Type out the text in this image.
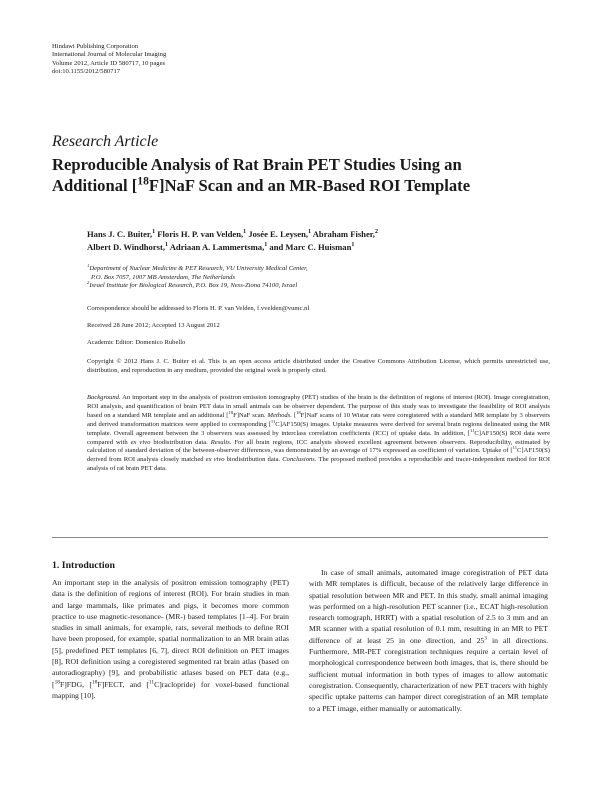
Hindawi Publishing Corporation
International Journal of Molecular Imaging
Volume 2012, Article ID 580717, 10 pages
doi:10.1155/2012/580717
Research Article
Reproducible Analysis of Rat Brain PET Studies Using an
Additional [$^{18}$F]NaF Scan and an MR-Based ROI Template
Hans J. C. Buiter,$^1$ Floris H. P. van Velden,$^1$ Josée E. Leysen,$^1$ Abraham Fisher,$^2$
Albert D. Windhorst,$^1$ Adriaan A. Lammertsma,$^1$ and Marc C. Huisman$^1$
$^1$Department of Nuclear Medicine & PET Research, VU University Medical Center,
P.O. Box 7057, 1007 MB Amsterdam, The Netherlands
$^2$Israel Institute for Biological Research, P.O. Box 19, Ness-Ziona 74100, Israel
Correspondence should be addressed to Floris H. P. van Velden, f.vvelden@vumc.nl
Received 28 June 2012; Accepted 13 August 2012
Academic Editor: Domenico Rubello
Copyright © 2012 Hans J. C. Buiter et al. This is an open access article distributed under the Creative Commons Attribution License, which permits unrestricted use, distribution, and reproduction in any medium, provided the original work is properly cited.
Background. An important step in the analysis of positron emission tomography (PET) studies of the brain is the definition of regions of interest (ROI). Image coregistration, ROI analysis, and quantification of brain PET data in small animals can be observer dependent. The purpose of this study was to investigate the feasibility of ROI analysis based on a standard MR template and an additional [$^{18}$F]NaF scan. Methods. [$^{18}$F]NaF scans of 10 Wistar rats were coregistered with a standard MR template by 3 observers and derived transformation matrices were applied to corresponding [$^{11}$C]AF150(S) images. Uptake measures were derived for several brain regions delineated using the MR template. Overall agreement between the 3 observers was assessed by interclass correlation coefficients (ICC) of uptake data. In addition, [$^{11}$C]AF150(S) ROI data were compared with ex vivo biodistribution data. Results. For all brain regions, ICC analysis showed excellent agreement between observers. Reproducibility, estimated by calculation of standard deviation of the between-observer differences, was demonstrated by an average of 17% expressed as coefficient of variation. Uptake of [$^{11}$C]AF150(S) derived from ROI analysis closely matched ex vivo biodistribution data. Conclusions. The proposed method provides a reproducible and tracer-independent method for ROI analysis of rat brain PET data.
1. Introduction

An important step in the analysis of positron emission tomography (PET) data is the definition of regions of interest (ROI). For brain studies in man and large mammals, like primates and pigs, it becomes more common practice to use magnetic-resonance- (MR-) based templates [1–4]. For brain studies in small animals, for example, rats, several methods to define ROI have been proposed, for example, spatial normalization to an MR brain atlas [5], predefined PET templates [6, 7], direct ROI definition on PET images [8], ROI definition using a coregistered segmented rat brain atlas (based on autoradiography) [9], and probabilistic atlases based on PET data (e.g., [$^{18}$F]FDG, [$^{18}$F]FECT, and [$^{11}$C]raclopride) for voxel-based functional mapping [10].

In case of small animals, automated image coregistration of PET data with MR templates is difficult, because of the relatively large difference in spatial resolution between MR and PET. In this study, small animal imaging was performed on a high-resolution PET scanner (i.e., ECAT high-resolution research tomograph, HRRT) with a spatial resolution of 2.5 to 3 mm and an MR scanner with a spatial resolution of 0.1 mm, resulting in an MR to PET difference of at least 25 in one direction, and $25^3$ in all directions. Furthermore, MR-PET coregistration techniques require a certain level of morphological correspondence between both images, that is, there should be sufficient mutual information in both types of images to allow automatic coregistration. Consequently, characterization of new PET tracers with highly specific uptake patterns can hamper direct coregistration of an MR template to a PET image, either manually or automatically.
